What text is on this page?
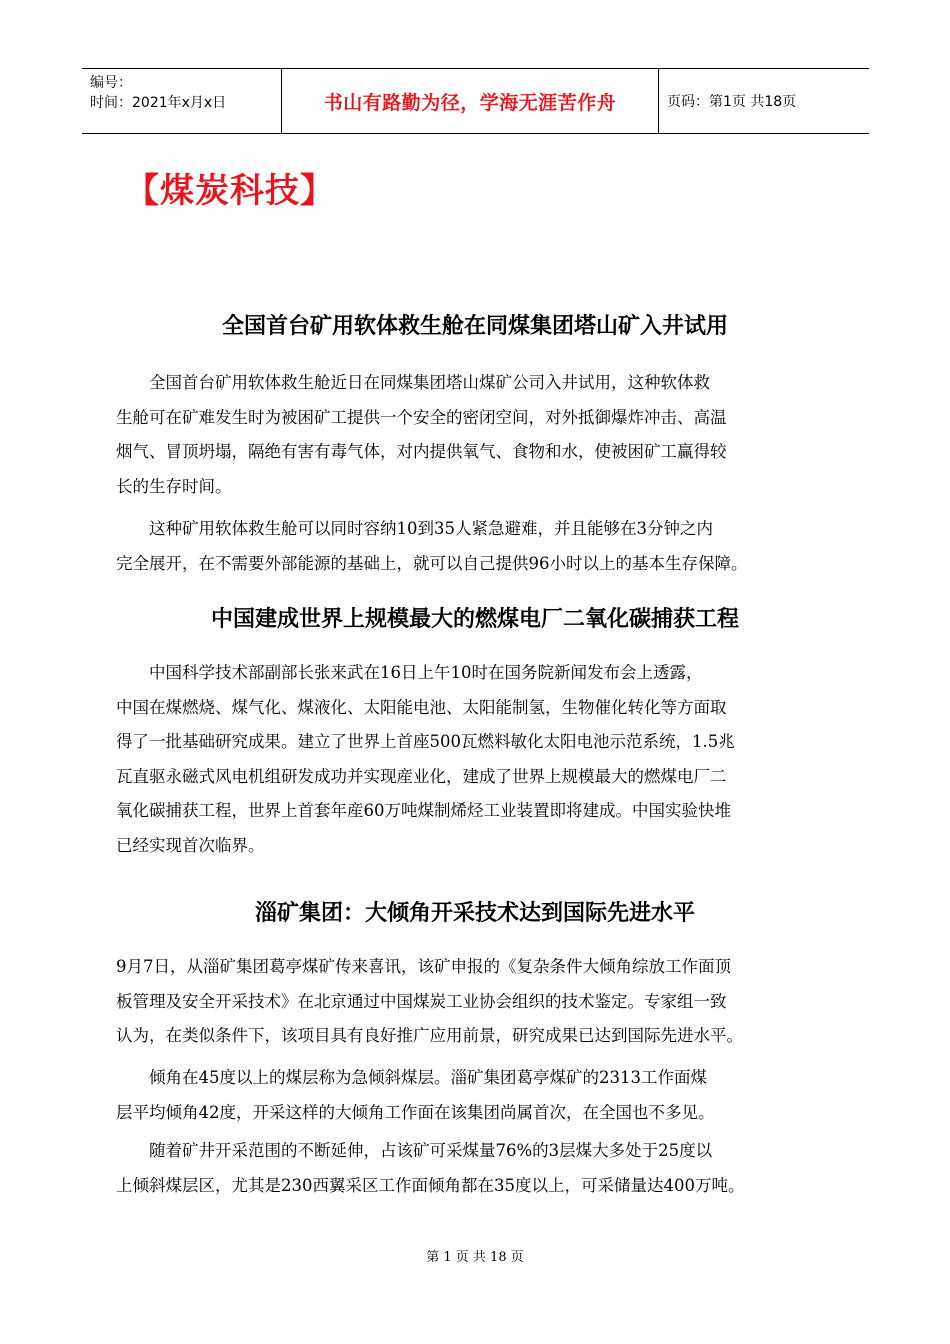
编号：
时间：2021年x月x日	书山有路勤为径，学海无涯苦作舟	页码：第1页 共18页
【煤炭科技】
全国首台矿用软体救生舱在同煤集团塔山矿入井试用
　　全国首台矿用软体救生舱近日在同煤集团塔山煤矿公司入井试用，这种软体救
生舱可在矿难发生时为被困矿工提供一个安全的密闭空间，对外抵御爆炸冲击、高温
烟气、冒顶坍塌，隔绝有害有毒气体，对内提供氧气、食物和水，使被困矿工赢得较
长的生存时间。
　　这种矿用软体救生舱可以同时容纳10到35人紧急避难，并且能够在3分钟之内
完全展开，在不需要外部能源的基础上，就可以自己提供96小时以上的基本生存保障。
中国建成世界上规模最大的燃煤电厂二氧化碳捕获工程
　　中国科学技术部副部长张来武在16日上午10时在国务院新闻发布会上透露，
中国在煤燃烧、煤气化、煤液化、太阳能电池、太阳能制氢，生物催化转化等方面取
得了一批基础研究成果。建立了世界上首座500瓦燃料敏化太阳电池示范系统，1.5兆
瓦直驱永磁式风电机组研发成功并实现産业化，建成了世界上规模最大的燃煤电厂二
氧化碳捕获工程，世界上首套年産60万吨煤制烯烃工业装置即将建成。中国实验快堆
已经实现首次临界。
淄矿集团：大倾角开采技术达到国际先进水平
9月7日，从淄矿集团葛亭煤矿传来喜讯，该矿申报的《复杂条件大倾角综放工作面顶
板管理及安全开采技术》在北京通过中国煤炭工业协会组织的技术鉴定。专家组一致
认为，在类似条件下，该项目具有良好推广应用前景，研究成果已达到国际先进水平。
　　倾角在45度以上的煤层称为急倾斜煤层。淄矿集团葛亭煤矿的2313工作面煤
层平均倾角42度，开采这样的大倾角工作面在该集团尚属首次，在全国也不多见。
　　随着矿井开采范围的不断延伸，占该矿可采煤量76%的3层煤大多处于25度以
上倾斜煤层区，尤其是230西翼采区工作面倾角都在35度以上，可采储量达400万吨。
第 1 页 共 18 页
